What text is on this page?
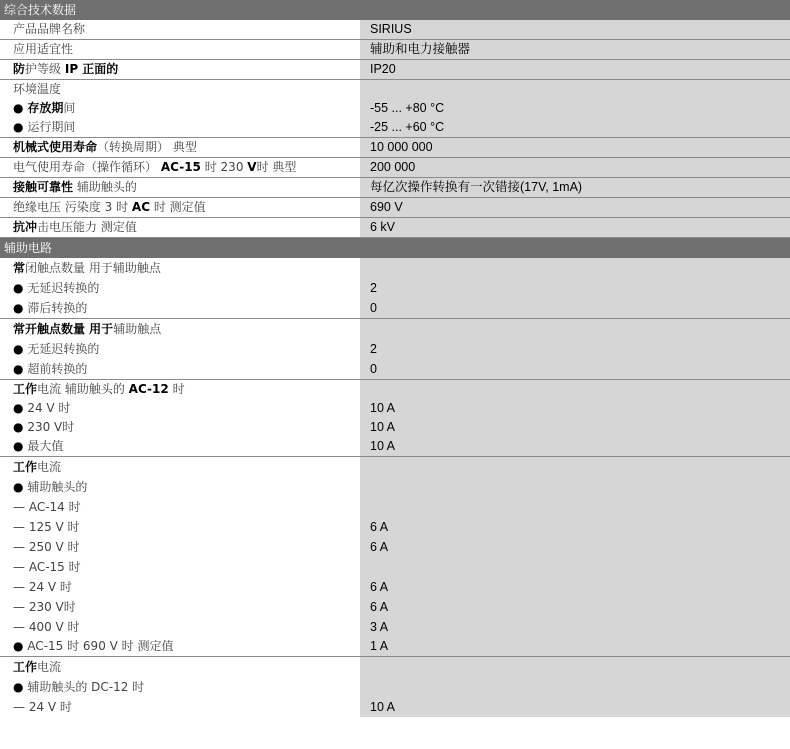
综合技术数据	
产品品牌名称	SIRIUS
应用适宜性	辅助和电力接触器
防护等级 IP 正面的	IP20
环境温度	
● 存放期间	-55 ... +80 °C
● 运行期间	-25 ... +60 °C
机械式使用寿命（转换周期） 典型	10 000 000
电气使用寿命（操作循环） AC-15 时 230 V时 典型	200 000
接触可靠性 辅助触头的	每亿次操作转换有一次错接(17V, 1mA)
绝缘电压 污染度 3 时 AC 时 测定值	690 V
抗冲击电压能力 测定值	6 kV
辅助电路	
常闭触点数量 用于辅助触点	
● 无延迟转换的	2
● 滞后转换的	0
常开触点数量 用于辅助触点	
● 无延迟转换的	2
● 超前转换的	0
工作电流 辅助触头的 AC-12 时	
● 24 V 时	10 A
● 230 V时	10 A
● 最大值	10 A
工作电流	
● 辅助触头的	
— AC-14 时	
— 125 V 时	6 A
— 250 V 时	6 A
— AC-15 时	
— 24 V 时	6 A
— 230 V时	6 A
— 400 V 时	3 A
● AC-15 时 690 V 时 测定值	1 A
工作电流	
● 辅助触头的 DC-12 时	
— 24 V 时	10 A
